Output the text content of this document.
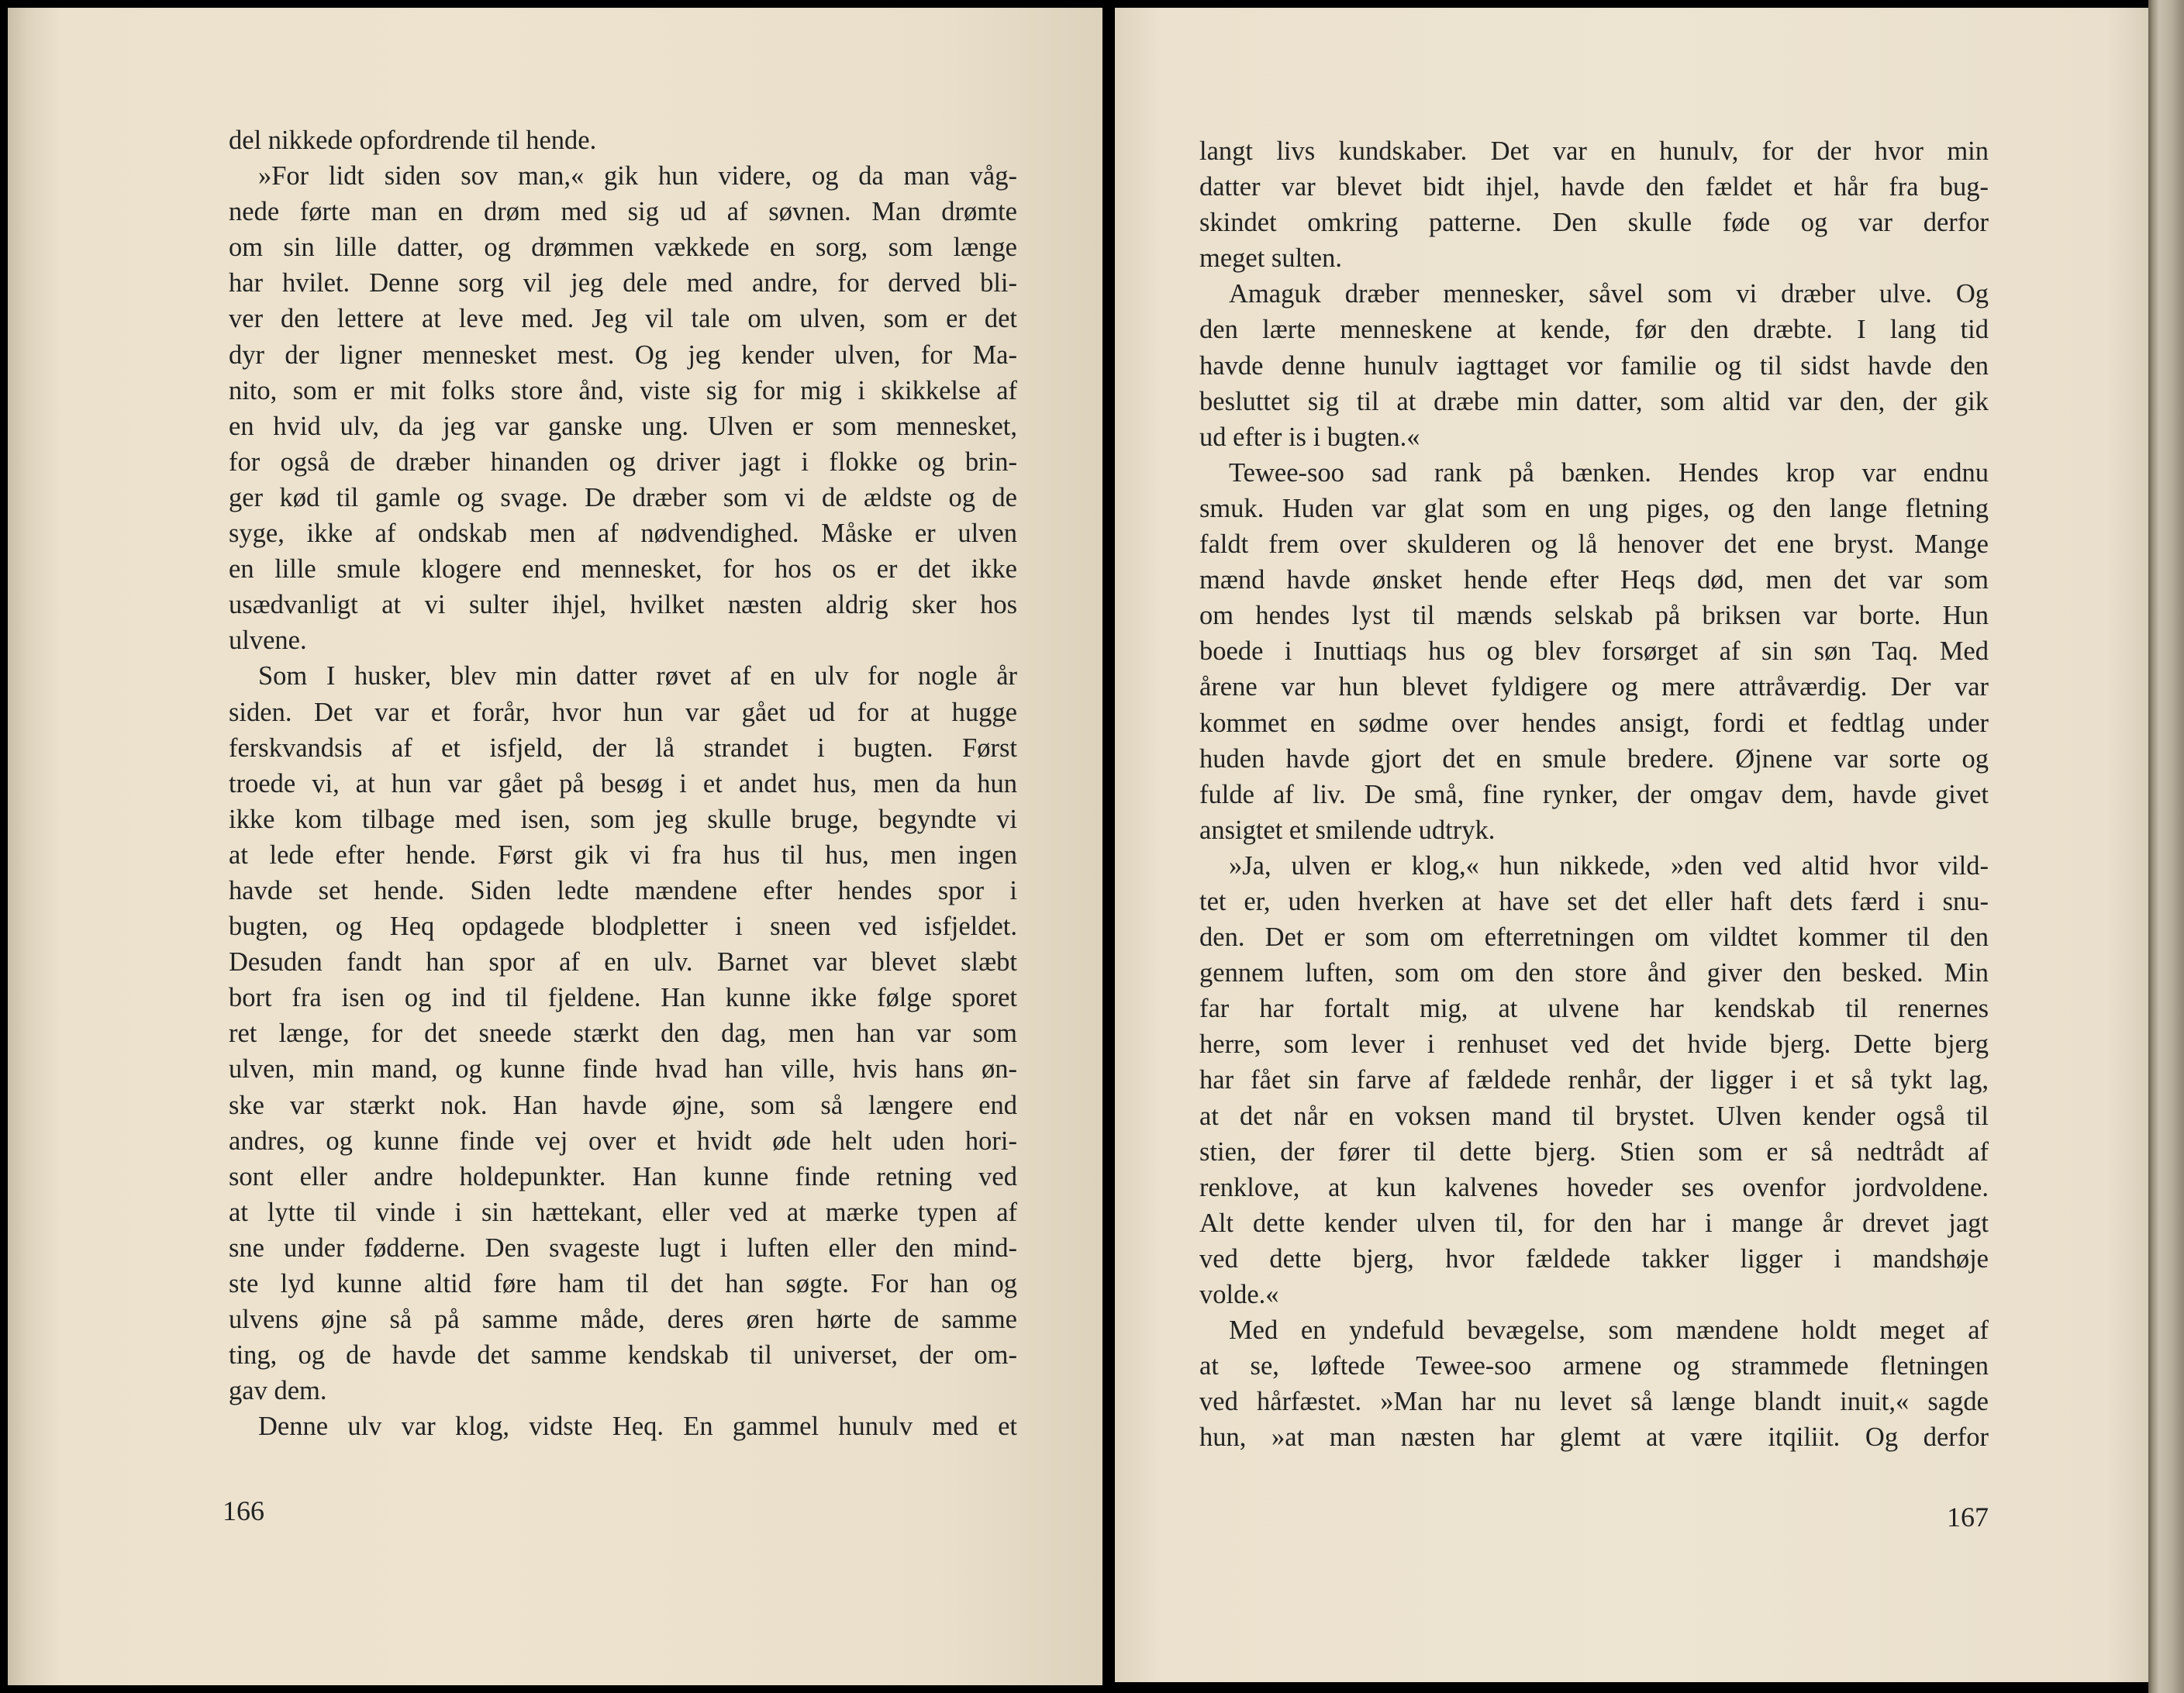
del nikkede opfordrende til hende.
»For lidt siden sov man,« gik hun videre, og da man våg-
nede førte man en drøm med sig ud af søvnen. Man drømte
om sin lille datter, og drømmen vækkede en sorg, som længe
har hvilet. Denne sorg vil jeg dele med andre, for derved bli-
ver den lettere at leve med. Jeg vil tale om ulven, som er det
dyr der ligner mennesket mest. Og jeg kender ulven, for Ma-
nito, som er mit folks store ånd, viste sig for mig i skikkelse af
en hvid ulv, da jeg var ganske ung. Ulven er som mennesket,
for også de dræber hinanden og driver jagt i flokke og brin-
ger kød til gamle og svage. De dræber som vi de ældste og de
syge, ikke af ondskab men af nødvendighed. Måske er ulven
en lille smule klogere end mennesket, for hos os er det ikke
usædvanligt at vi sulter ihjel, hvilket næsten aldrig sker hos
ulvene.
Som I husker, blev min datter røvet af en ulv for nogle år
siden. Det var et forår, hvor hun var gået ud for at hugge
ferskvandsis af et isfjeld, der lå strandet i bugten. Først
troede vi, at hun var gået på besøg i et andet hus, men da hun
ikke kom tilbage med isen, som jeg skulle bruge, begyndte vi
at lede efter hende. Først gik vi fra hus til hus, men ingen
havde set hende. Siden ledte mændene efter hendes spor i
bugten, og Heq opdagede blodpletter i sneen ved isfjeldet.
Desuden fandt han spor af en ulv. Barnet var blevet slæbt
bort fra isen og ind til fjeldene. Han kunne ikke følge sporet
ret længe, for det sneede stærkt den dag, men han var som
ulven, min mand, og kunne finde hvad han ville, hvis hans øn-
ske var stærkt nok. Han havde øjne, som så længere end
andres, og kunne finde vej over et hvidt øde helt uden hori-
sont eller andre holdepunkter. Han kunne finde retning ved
at lytte til vinde i sin hættekant, eller ved at mærke typen af
sne under fødderne. Den svageste lugt i luften eller den mind-
ste lyd kunne altid føre ham til det han søgte. For han og
ulvens øjne så på samme måde, deres øren hørte de samme
ting, og de havde det samme kendskab til universet, der om-
gav dem.
Denne ulv var klog, vidste Heq. En gammel hunulv med et
166
langt livs kundskaber. Det var en hunulv, for der hvor min
datter var blevet bidt ihjel, havde den fældet et hår fra bug-
skindet omkring patterne. Den skulle føde og var derfor
meget sulten.
Amaguk dræber mennesker, såvel som vi dræber ulve. Og
den lærte menneskene at kende, før den dræbte. I lang tid
havde denne hunulv iagttaget vor familie og til sidst havde den
besluttet sig til at dræbe min datter, som altid var den, der gik
ud efter is i bugten.«
Tewee-soo sad rank på bænken. Hendes krop var endnu
smuk. Huden var glat som en ung piges, og den lange fletning
faldt frem over skulderen og lå henover det ene bryst. Mange
mænd havde ønsket hende efter Heqs død, men det var som
om hendes lyst til mænds selskab på briksen var borte. Hun
boede i Inuttiaqs hus og blev forsørget af sin søn Taq. Med
årene var hun blevet fyldigere og mere attråværdig. Der var
kommet en sødme over hendes ansigt, fordi et fedtlag under
huden havde gjort det en smule bredere. Øjnene var sorte og
fulde af liv. De små, fine rynker, der omgav dem, havde givet
ansigtet et smilende udtryk.
»Ja, ulven er klog,« hun nikkede, »den ved altid hvor vild-
tet er, uden hverken at have set det eller haft dets færd i snu-
den. Det er som om efterretningen om vildtet kommer til den
gennem luften, som om den store ånd giver den besked. Min
far har fortalt mig, at ulvene har kendskab til renernes
herre, som lever i renhuset ved det hvide bjerg. Dette bjerg
har fået sin farve af fældede renhår, der ligger i et så tykt lag,
at det når en voksen mand til brystet. Ulven kender også til
stien, der fører til dette bjerg. Stien som er så nedtrådt af
renklove, at kun kalvenes hoveder ses ovenfor jordvoldene.
Alt dette kender ulven til, for den har i mange år drevet jagt
ved dette bjerg, hvor fældede takker ligger i mandshøje
volde.«
Med en yndefuld bevægelse, som mændene holdt meget af
at se, løftede Tewee-soo armene og strammede fletningen
ved hårfæstet. »Man har nu levet så længe blandt inuit,« sagde
hun, »at man næsten har glemt at være itqiliit. Og derfor
167
